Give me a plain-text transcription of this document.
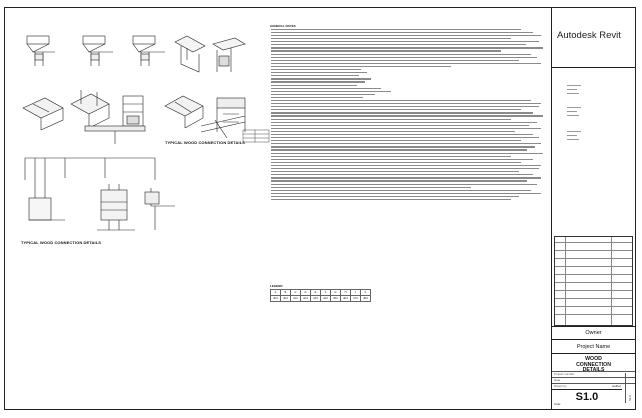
TYPICAL WOOD CONNECTION DETAILS
TYPICAL WOOD CONNECTION DETAILS
GENERAL NOTES
LEGEND
A	B	C	D	E	F	G	H	J	K
30.0	40.0	41.0	42.0	43.0	44.0	45.0	46.0	47.0	48.0
Autodesk Revit
Owner
Project Name
WOOD
CONNECTION
DETAILS
Project number
Date
Drawn by	Author
S1.0
Scale
S1.0
